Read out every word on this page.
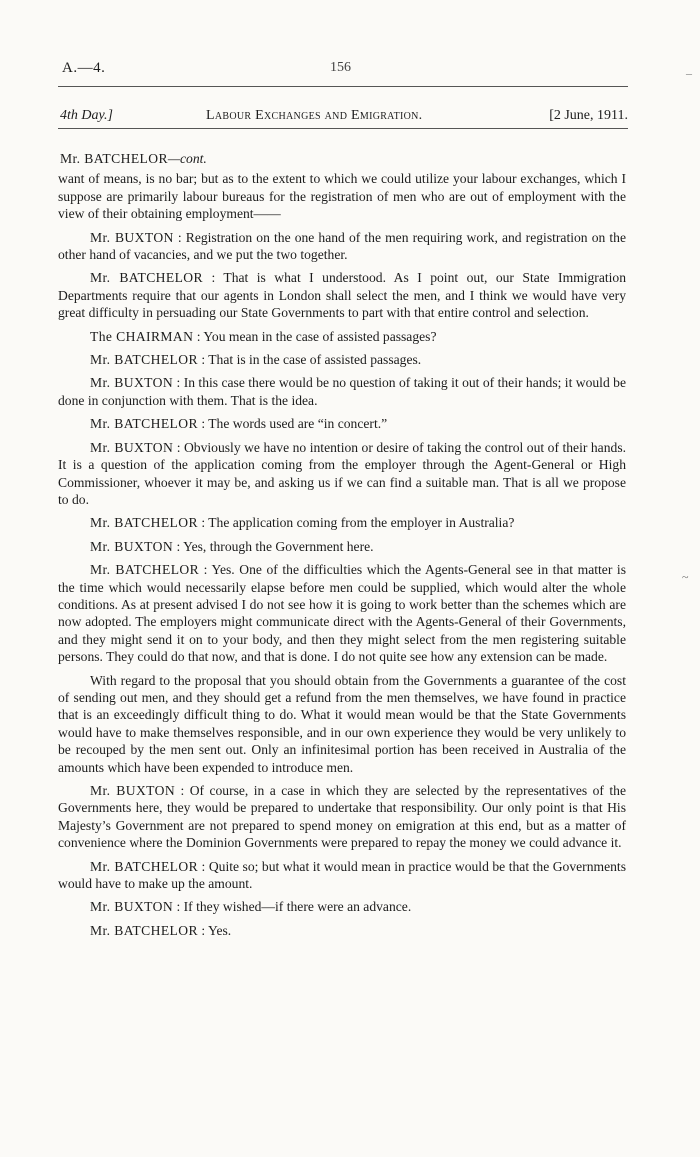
A.—4.	156
4th Day.]	Labour Exchanges and Emigration.	[2 June, 1911.
Mr. BATCHELOR—cont.

want of means, is no bar; but as to the extent to which we could utilize your labour exchanges, which I suppose are primarily labour bureaus for the registration of men who are out of employment with the view of their obtaining employment——

Mr. BUXTON : Registration on the one hand of the men requiring work, and registration on the other hand of vacancies, and we put the two together.

Mr. BATCHELOR : That is what I understood. As I point out, our State Immigration Departments require that our agents in London shall select the men, and I think we would have very great difficulty in persuading our State Governments to part with that entire control and selection.

The CHAIRMAN : You mean in the case of assisted passages?

Mr. BATCHELOR : That is in the case of assisted passages.

Mr. BUXTON : In this case there would be no question of taking it out of their hands; it would be done in conjunction with them. That is the idea.

Mr. BATCHELOR : The words used are “in concert.”

Mr. BUXTON : Obviously we have no intention or desire of taking the control out of their hands. It is a question of the application coming from the employer through the Agent-General or High Commissioner, whoever it may be, and asking us if we can find a suitable man. That is all we propose to do.

Mr. BATCHELOR : The application coming from the employer in Australia?

Mr. BUXTON : Yes, through the Government here.

Mr. BATCHELOR : Yes. One of the difficulties which the Agents-General see in that matter is the time which would necessarily elapse before men could be supplied, which would alter the whole conditions. As at present advised I do not see how it is going to work better than the schemes which are now adopted. The employers might communicate direct with the Agents-General of their Governments, and they might send it on to your body, and then they might select from the men registering suitable persons. They could do that now, and that is done. I do not quite see how any extension can be made.

With regard to the proposal that you should obtain from the Governments a guarantee of the cost of sending out men, and they should get a refund from the men themselves, we have found in practice that is an exceedingly difficult thing to do. What it would mean would be that the State Governments would have to make themselves responsible, and in our own experience they would be very unlikely to be recouped by the men sent out. Only an infinitesimal portion has been received in Australia of the amounts which have been expended to introduce men.

Mr. BUXTON : Of course, in a case in which they are selected by the representatives of the Governments here, they would be prepared to undertake that responsibility. Our only point is that His Majesty’s Government are not prepared to spend money on emigration at this end, but as a matter of convenience where the Dominion Governments were prepared to repay the money we could advance it.

Mr. BATCHELOR : Quite so; but what it would mean in practice would be that the Governments would have to make up the amount.

Mr. BUXTON : If they wished—if there were an advance.

Mr. BATCHELOR : Yes.

‒
~
